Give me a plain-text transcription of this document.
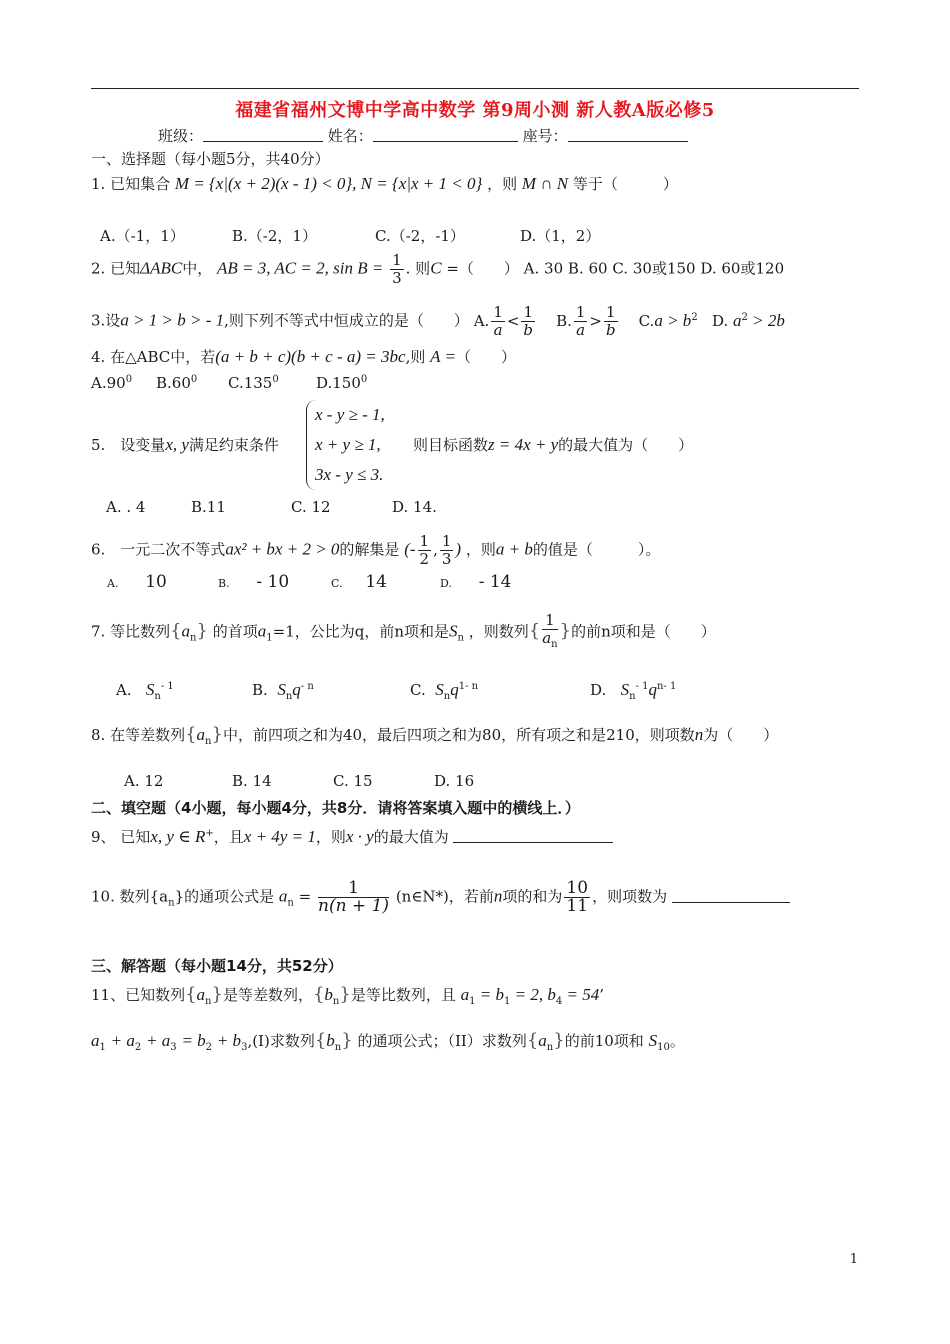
福建省福州文博中学高中数学 第9周小测 新人教A版必修5
班级：	姓名：	座号：
一、选择题（每小题5分，共40分）
1. 已知集合 M = {x|(x + 2)(x - 1) < 0}, N = {x|x + 1 < 0} ，则 M ∩ N 等于（　　　）
A.（-1，1）	B.（-2，1）	C.（-2，-1）	D.（1，2）
2. 已知ΔABC中， AB = 3, AC = 2, $\sin B = \frac{1}{3}$ . 则C =（　　） A. 30 B. 60 C. 30或150 D. 60或120
3.设a > 1 > b > - 1,则下列不等式中恒成立的是（　　） A. $\frac{1}{a} < \frac{1}{b} B$. $\frac{1}{a} > \frac{1}{b} C.a > b^2$ D. $a^2 > 2b$
4. 在△ABC中，若(a + b + c)(b + c - a) = 3bc,则 A =（　　）
$A.90^0$ $B.60^0$ C.135$^0$ D.150$^0$
5.　设变量x, y满足约束条件
x - y ≥ - 1,
x + y ≥ 1,
3x - y ≤ 3.
则目标函数z = 4x + y的最大值为（　　）
A. . 4	B.11	C. 12	D. 14.
6.　一元二次不等式ax² + bx + 2 > 0的解集是 (- $\frac{1}{2}$ , $\frac{1}{3}$ ) ，则a + b的值是（　　　）。
A. 10	B. - 10	C. 14	D. - 14
7. 等比数列$\{a_n\}$ 的首项$a_1=1$，公比为q，前n项和是$S_n$ ，则数列{ $\frac{1}{a_n}$ }的前n项和是（　　）
A. $S_n^{- 1}$	B. $S_nq^{- n}$	C. $S_nq^{1- n}$	D. $S_n^{- 1}q^{n- 1}$
8. 在等差数列$\{a_n\}$中，前四项之和为40，最后四项之和为80，所有项之和是210，则项数n为（　　）
A. 12	B. 14	C. 15	D. 16
二、填空题（4小题，每小题4分，共8分．请将答案填入题中的横线上．）
9、 已知x, y ∈ R+，且x + 4y = 1，则x · y的最大值为
10. 数列$\{a_n\}$的通项公式是 $a_n = \frac{1}{n(n + 1)}$ (n∈N*)，若前n项的和为 $\frac{10}{11}$ ，则项数为
三、解答题（每小题14分，共52分）
11、已知数列$\{a_n\}$是等差数列，$\{b_n\}$是等比数列，且 $a_1 = b_1 = 2$, $b_4 = 54$’
$a_1 + a_2 + a_3 = b_2 + b_3,(I)$求数列$\{b_n\}$ 的通项公式；（II）求数列$\{a_n\}$的前10项和 $S_{10}$。
1
